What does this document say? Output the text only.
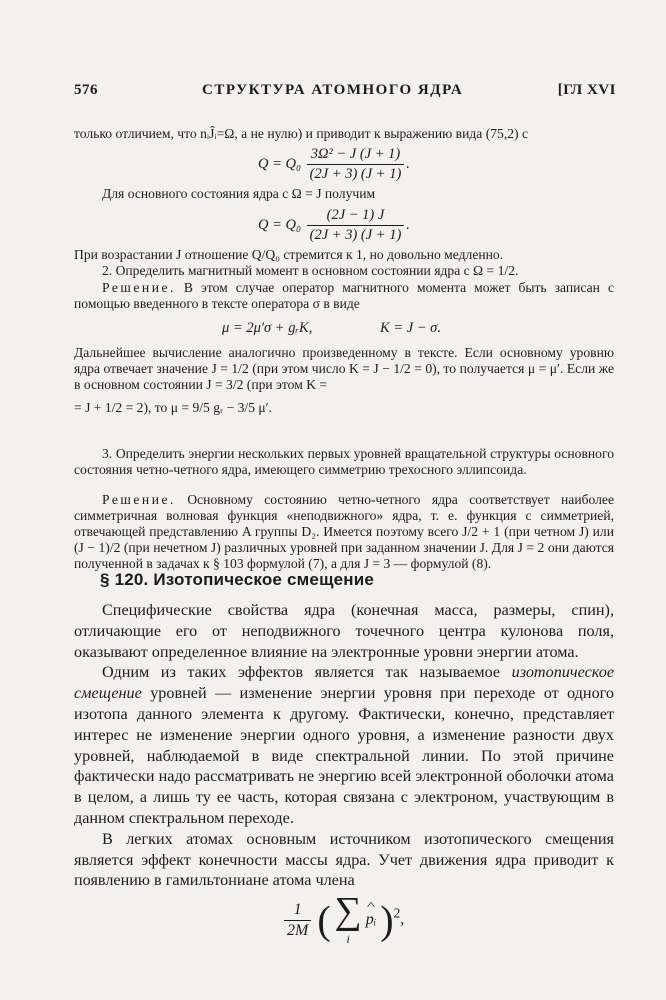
576	СТРУКТУРА АТОМНОГО ЯДРА	[ГЛ XVI
только отличием, что nᵢĴᵢ=Ω, а не нулю) и приводит к выражению вида (75,2) с
$Q = Q_0 \frac{\text{3Ω² − J (J + 1)}}{(2J + 3) (J + 1)}$ .
Для основного состояния ядра с Ω = J получим
$Q = Q_0 \frac{(2J - 1) J}{(2J + 3) (J + 1)}$ .
При возрастании J отношение Q/Q₀ стремится к 1, но довольно медленно.
2. Определить магнитный момент в основном состоянии ядра с Ω = 1/2.
Решение. В этом случае оператор магнитного момента может быть записан с помощью введенного в тексте оператора σ в виде
μ = 2μ′σ + gᵣK,	K = J − σ.
Дальнейшее вычисление аналогично произведенному в тексте. Если основному уровню ядра отвечает значение J = 1/2 (при этом число K = J − 1/2 = 0), то получается μ = μ′. Если же в основном состоянии J = 3/2 (при этом K =
= J + 1/2 = 2), то μ = 9/5 gᵣ − 3/5 μ′.
3. Определить энергии нескольких первых уровней вращательной структуры основного состояния четно-четного ядра, имеющего симметрию трехосного эллипсоида.
Решение. Основному состоянию четно-четного ядра соответствует наиболее симметричная волновая функция «неподвижного» ядра, т. е. функция с симметрией, отвечающей представлению A группы D₂. Имеется поэтому всего J/2 + 1 (при четном J) или (J − 1)/2 (при нечетном J) различных уровней при заданном значении J. Для J = 2 они даются полученной в задачах к § 103 формулой (7), а для J = 3 — формулой (8).
§ 120. Изотопическое смещение

Специфические свойства ядра (конечная масса, размеры, спин), отличающие его от неподвижного точечного центра кулонова поля, оказывают определенное влияние на электронные уровни энергии атома.

Одним из таких эффектов является так называемое изотопическое смещение уровней — изменение энергии уровня при переходе от одного изотопа данного элемента к другому. Фактически, конечно, представляет интерес не изменение энергии одного уровня, а изменение разности двух уровней, наблюдаемой в виде спектральной линии. По этой причине фактически надо рассматривать не энергию всей электронной оболочки атома в целом, а лишь ту ее часть, которая связана с электроном, участвующим в данном спектральном переходе.

В легких атомах основным источником изотопического смещения является эффект конечности массы ядра. Учет движения ядра приводит к появлению в гамильтониане атома члена

$\frac{1}{2M}$ ( ∑
i ^ pᵢ )$^2$,
